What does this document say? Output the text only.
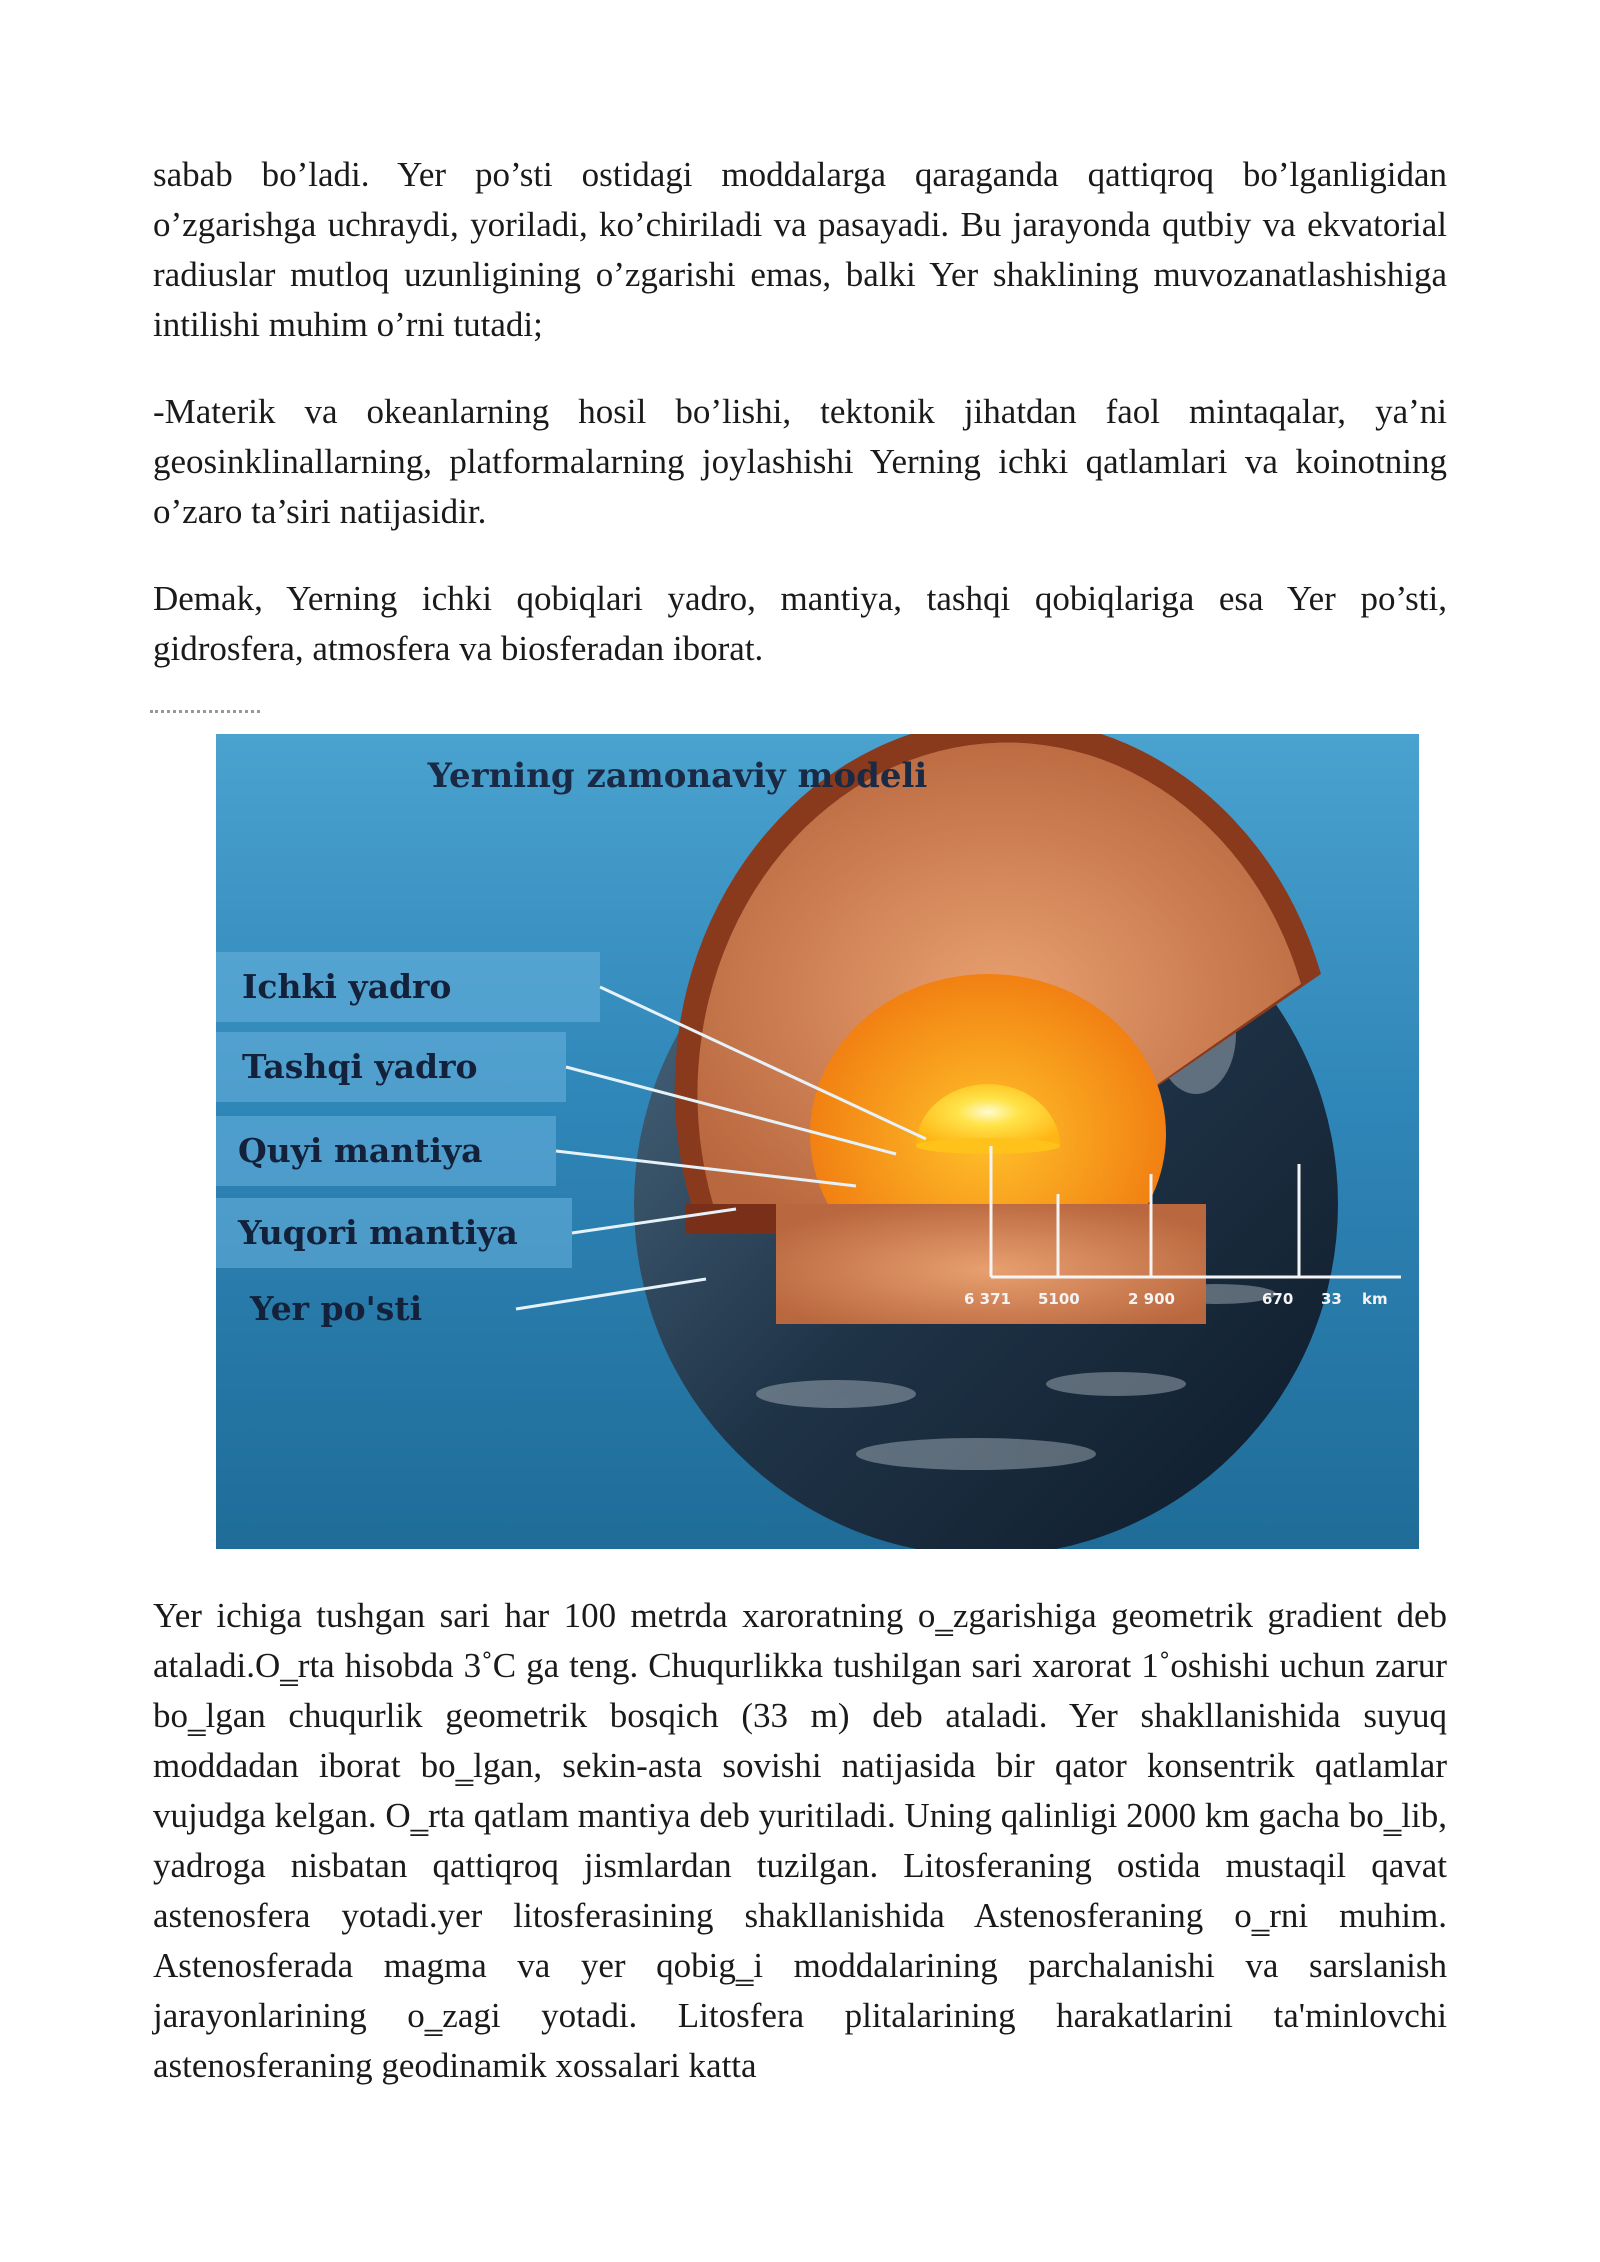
sabab bo’ladi. Yer po’sti ostidagi moddalarga qaraganda qattiqroq bo’lganligidan o’zgarishga uchraydi, yoriladi, ko’chiriladi va pasayadi. Bu jarayonda qutbiy va ekvatorial radiuslar mutloq uzunligining o’zgarishi emas, balki Yer shaklining muvozanatlashishiga intilishi muhim o’rni tutadi;

-Materik va okeanlarning hosil bo’lishi, tektonik jihatdan faol mintaqalar, ya’ni geosinklinallarning, platformalarning joylashishi Yerning ichki qatlamlari va koinotning o’zaro ta’siri natijasidir.

Demak, Yerning ichki qobiqlari yadro, mantiya, tashqi qobiqlariga esa Yer po’sti, gidrosfera, atmosfera va biosferadan iborat.

6 371 5100	2 900	670 33 km
Yerning zamonaviy modeli
Ichki yadro
Tashqi yadro
Quyi mantiya
Yuqori mantiya
Yer po'sti

Yer ichiga tushgan sari har 100 metrda xaroratning o‗zgarishiga geometrik gradient deb ataladi.O‗rta hisobda 3˚C ga teng. Chuqurlikka tushilgan sari xarorat 1˚oshishi uchun zarur bo‗lgan chuqurlik geometrik bosqich (33 m) deb ataladi. Yer shakllanishida suyuq moddadan iborat bo‗lgan, sekin-asta sovishi natijasida bir qator konsentrik qatlamlar vujudga kelgan. O‗rta qatlam mantiya deb yuritiladi. Uning qalinligi 2000 km gacha bo‗lib, yadroga nisbatan qattiqroq jismlardan tuzilgan. Litosferaning ostida mustaqil qavat astenosfera yotadi.yer litosferasining shakllanishida Astenosferaning o‗rni muhim. Astenosferada magma va yer qobig‗i moddalarining parchalanishi va sarslanish jarayonlarining o‗zagi yotadi. Litosfera plitalarining harakatlarini ta'minlovchi astenosferaning geodinamik xossalari katta
